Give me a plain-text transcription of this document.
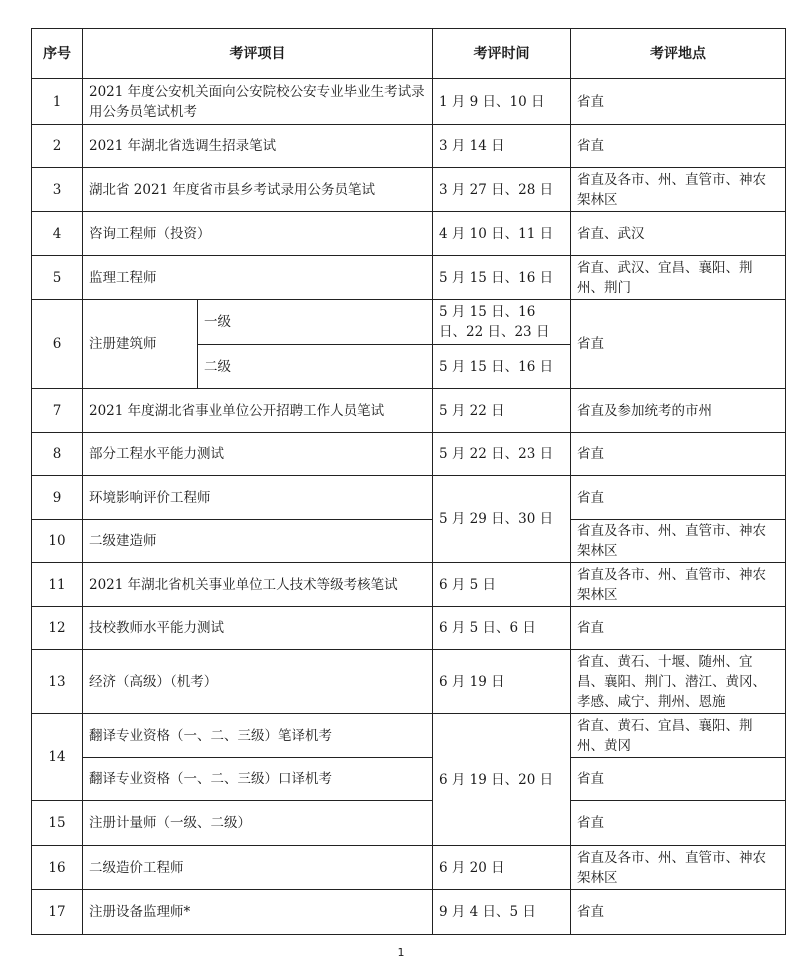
序号	考评项目		考评时间	考评地点
1	2021 年度公安机关面向公安院校公安专业毕业生考试录用公务员笔试机考		1 月 9 日、10 日	省直
2	2021 年湖北省选调生招录笔试		3 月 14 日	省直
3	湖北省 2021 年度省市县乡考试录用公务员笔试		3 月 27 日、28 日	省直及各市、州、直管市、神农架林区
4	咨询工程师（投资）		4 月 10 日、11 日	省直、武汉
5	监理工程师		5 月 15 日、16 日	省直、武汉、宜昌、襄阳、荆州、荆门
6	注册建筑师	一级	5 月 15 日、16 日、22 日、23 日	省直
		二级	5 月 15 日、16 日	
7	2021 年度湖北省事业单位公开招聘工作人员笔试		5 月 22 日	省直及参加统考的市州
8	部分工程水平能力测试		5 月 22 日、23 日	省直
9	环境影响评价工程师		5 月 29 日、30 日	省直
10	二级建造师			省直及各市、州、直管市、神农架林区
11	2021 年湖北省机关事业单位工人技术等级考核笔试		6 月 5 日	省直及各市、州、直管市、神农架林区
12	技校教师水平能力测试		6 月 5 日、6 日	省直
13	经济（高级）（机考）		6 月 19 日	省直、黄石、十堰、随州、宜昌、襄阳、荆门、潜江、黄冈、孝感、咸宁、荆州、恩施
14	翻译专业资格（一、二、三级）笔译机考		6 月 19 日、20 日	省直、黄石、宜昌、襄阳、荆州、黄冈
	翻译专业资格（一、二、三级）口译机考			省直
15	注册计量师（一级、二级）			省直
16	二级造价工程师		6 月 20 日	省直及各市、州、直管市、神农架林区
17	注册设备监理师*		9 月 4 日、5 日	省直
1
